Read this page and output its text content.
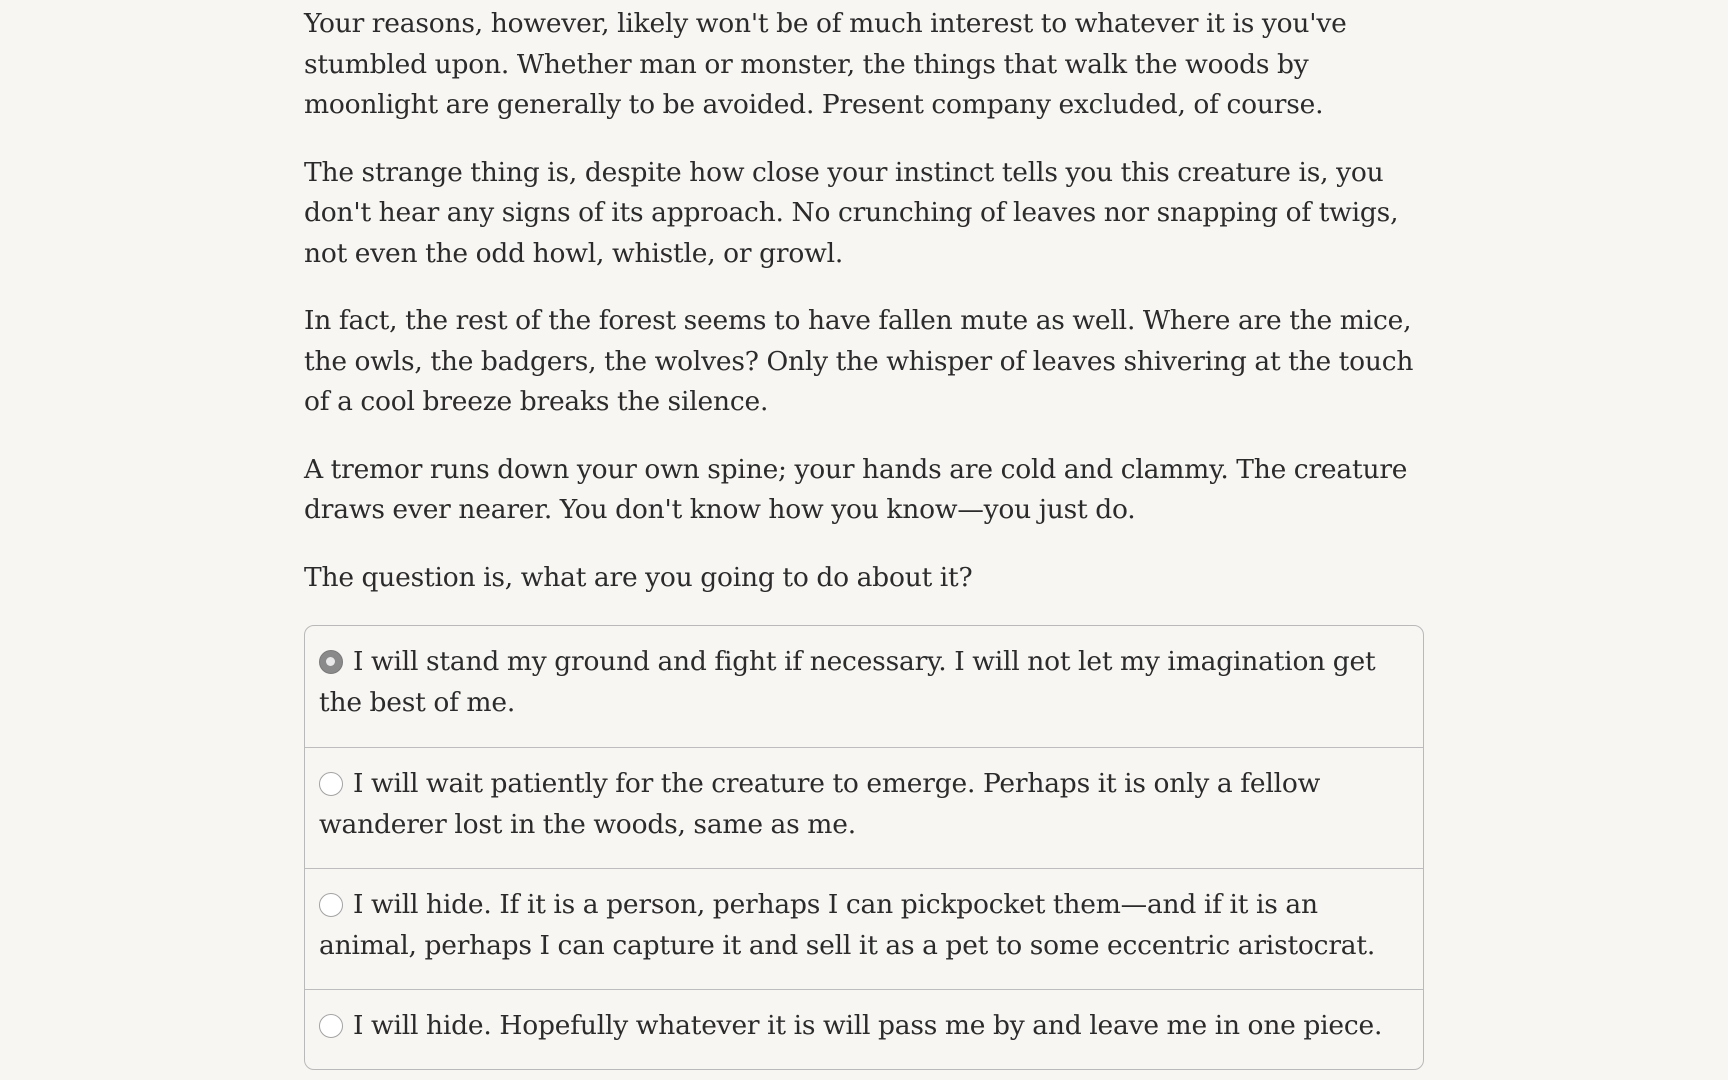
Your reasons, however, likely won't be of much interest to whatever it is you've stumbled upon. Whether man or monster, the things that walk the woods by moonlight are generally to be avoided. Present company excluded, of course.

The strange thing is, despite how close your instinct tells you this creature is, you don't hear any signs of its approach. No crunching of leaves nor snapping of twigs, not even the odd howl, whistle, or growl.

In fact, the rest of the forest seems to have fallen mute as well. Where are the mice, the owls, the badgers, the wolves? Only the whisper of leaves shivering at the touch of a cool breeze breaks the silence.

A tremor runs down your own spine; your hands are cold and clammy. The creature draws ever nearer. You don't know how you know—you just do.

The question is, what are you going to do about it?

I will stand my ground and fight if necessary. I will not let my imagination get the best of me.
I will wait patiently for the creature to emerge. Perhaps it is only a fellow wanderer lost in the woods, same as me.
I will hide. If it is a person, perhaps I can pickpocket them—and if it is an animal, perhaps I can capture it and sell it as a pet to some eccentric aristocrat.
I will hide. Hopefully whatever it is will pass me by and leave me in one piece.
